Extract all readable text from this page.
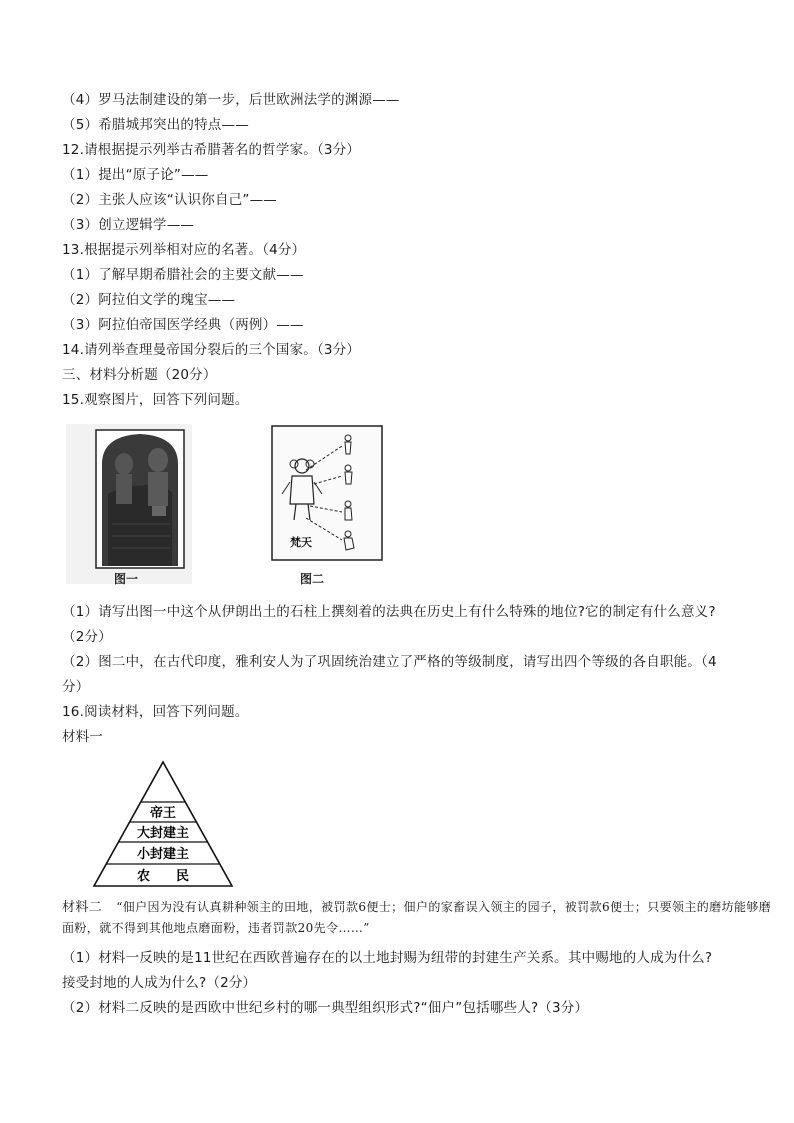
（4）罗马法制建设的第一步，后世欧洲法学的渊源——
（5）希腊城邦突出的特点——
12.请根据提示列举古希腊著名的哲学家。（3分）
（1）提出“原子论”——
（2）主张人应该“认识你自己”——
（3）创立逻辑学——
13.根据提示列举相对应的名著。（4分）
（1）了解早期希腊社会的主要文献——
（2）阿拉伯文学的瑰宝——
（3）阿拉伯帝国医学经典（两例）——
14.请列举查理曼帝国分裂后的三个国家。（3分）
三、材料分析题（20分）
15.观察图片，回答下列问题。
图一
梵天
图二
（1）请写出图一中这个从伊朗出土的石柱上撰刻着的法典在历史上有什么特殊的地位?它的制定有什么意义?
（2分）
（2）图二中，在古代印度，雅利安人为了巩固统治建立了严格的等级制度，请写出四个等级的各自职能。（4
分）
16.阅读材料，回答下列问题。
材料一
帝王
大封建主
小封建主
农　　民
材料二 “佃户因为没有认真耕种领主的田地，被罚款6便士；佃户的家畜误入领主的园子，被罚款6便士；只要领主的磨坊能够磨面粉，就不得到其他地点磨面粉，违者罚款20先令……”
（1）材料一反映的是11世纪在西欧普遍存在的以土地封赐为纽带的封建生产关系。其中赐地的人成为什么?
接受封地的人成为什么?（2分）
（2）材料二反映的是西欧中世纪乡村的哪一典型组织形式?“佃户”包括哪些人?（3分）
